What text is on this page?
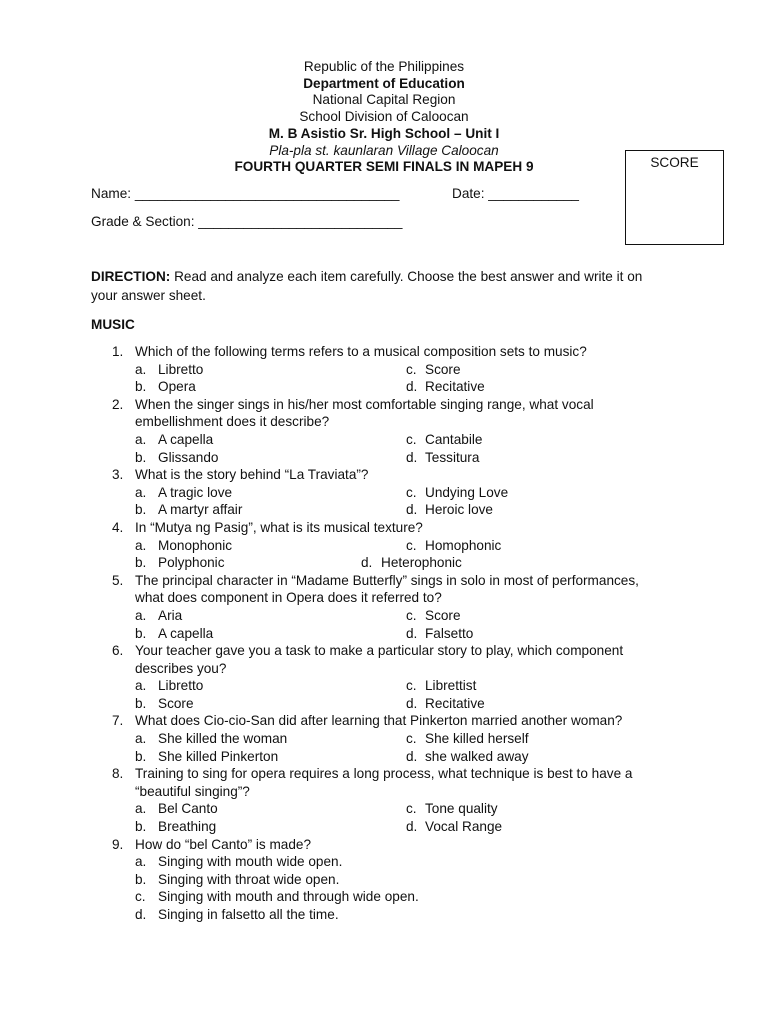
Republic of the Philippines
Department of Education
National Capital Region
School Division of Caloocan
M. B Asistio Sr. High School – Unit I
Pla-pla st. kaunlaran Village Caloocan
FOURTH QUARTER SEMI FINALS IN MAPEH 9	SCORE
Name: ___________________________________	Date: ____________
Grade & Section: ___________________________
DIRECTION: Read and analyze each item carefully. Choose the best answer and write it on your answer sheet.
MUSIC
1. Which of the following terms refers to a musical composition sets to music?
a. Libretto	c. Score
b. Opera	d. Recitative
2. When the singer sings in his/her most comfortable singing range, what vocal
embellishment does it describe?
a. A capella	c. Cantabile
b. Glissando	d. Tessitura
3. What is the story behind “La Traviata”?
a. A tragic love	c. Undying Love
b. A martyr affair	d. Heroic love
4. In “Mutya ng Pasig”, what is its musical texture?
a. Monophonic	c. Homophonic
b. Polyphonic	d. Heterophonic
5. The principal character in “Madame Butterfly” sings in solo in most of performances,
what does component in Opera does it referred to?
a. Aria	c. Score
b. A capella	d. Falsetto
6. Your teacher gave you a task to make a particular story to play, which component
describes you?
a. Libretto	c. Librettist
b. Score	d. Recitative
7. What does Cio-cio-San did after learning that Pinkerton married another woman?
a. She killed the woman	c. She killed herself
b. She killed Pinkerton	d. she walked away
8. Training to sing for opera requires a long process, what technique is best to have a
“beautiful singing”?
a. Bel Canto	c. Tone quality
b. Breathing	d. Vocal Range
9. How do “bel Canto” is made?
a. Singing with mouth wide open.
b. Singing with throat wide open.
c. Singing with mouth and through wide open.
d. Singing in falsetto all the time.
